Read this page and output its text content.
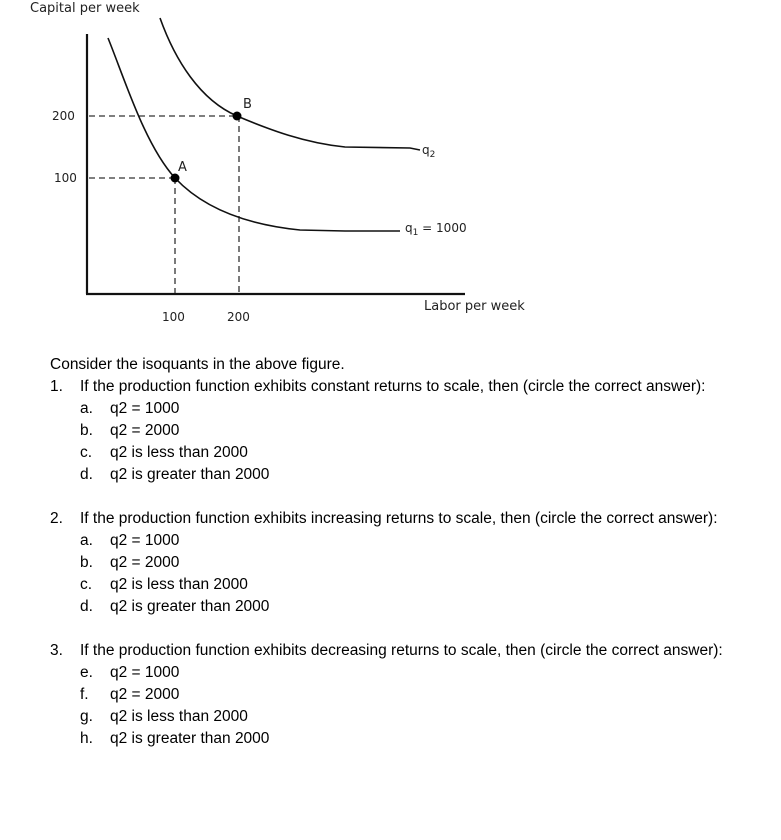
Capital per week
A
B
200
100
100	200
$q_2$
$q_1 = 1000$
Labor per week

Consider the isoquants in the above figure.

1. If the production function exhibits constant returns to scale, then (circle the correct answer):

a. q2 = 1000
b. q2 = 2000
c. q2 is less than 2000
d. q2 is greater than 2000
2. If the production function exhibits increasing returns to scale, then (circle the correct answer):

a. q2 = 1000
b. q2 = 2000
c. q2 is less than 2000
d. q2 is greater than 2000
3. If the production function exhibits decreasing returns to scale, then (circle the correct answer):

e. q2 = 1000
f. q2 = 2000
g. q2 is less than 2000
h. q2 is greater than 2000
